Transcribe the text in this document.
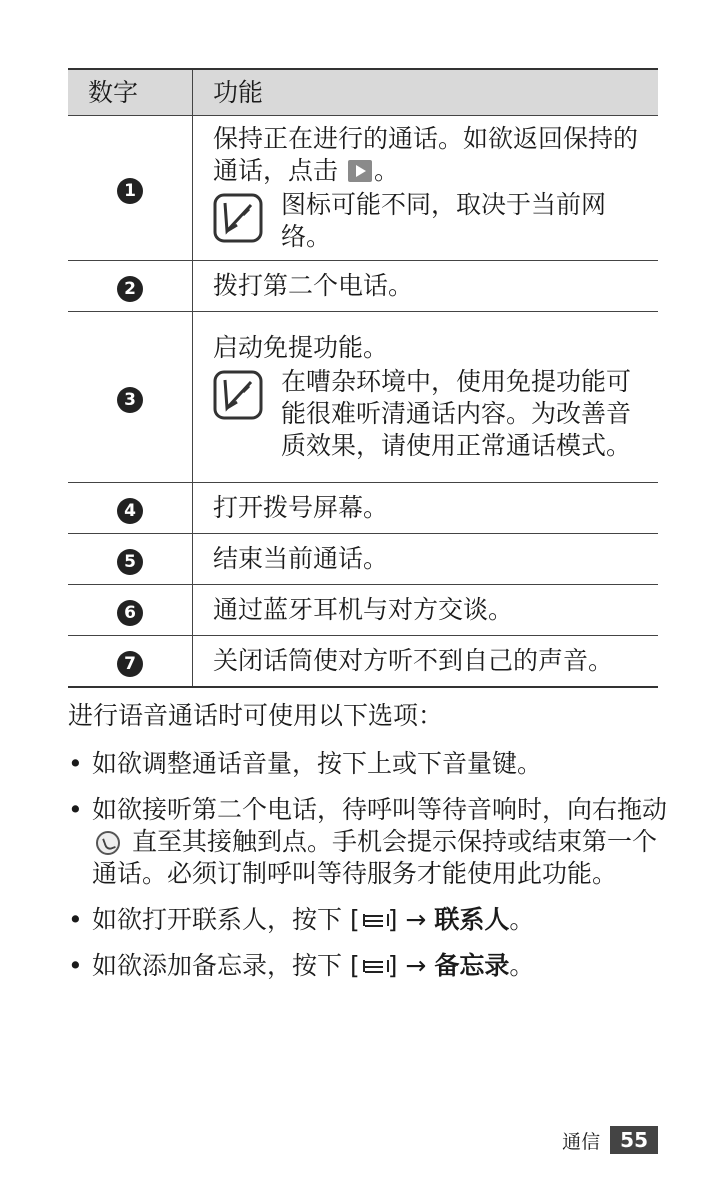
数字	功能
1	保持正在进行的通话。如欲返回保持的通话，点击 。
图标可能不同，取决于当前网络。

2	拨打第二个电话。
3	启动免提功能。
在嘈杂环境中，使用免提功能可能很难听清通话内容。为改善音质效果，请使用正常通话模式。

4	打开拨号屏幕。
5	结束当前通话。
6	通过蓝牙耳机与对方交谈。
7	关闭话筒使对方听不到自己的声音。

进行语音通话时可使用以下选项：

• 如欲调整通话音量，按下上或下音量键。
• 如欲接听第二个电话，待呼叫等待音响时，向右拖动  直至其接触到点。手机会提示保持或结束第一个通话。必须订制呼叫等待服务才能使用此功能。
• 如欲打开联系人，按下 [ ] → 联系人。
• 如欲添加备忘录，按下 [ ] → 备忘录。
通信	55
